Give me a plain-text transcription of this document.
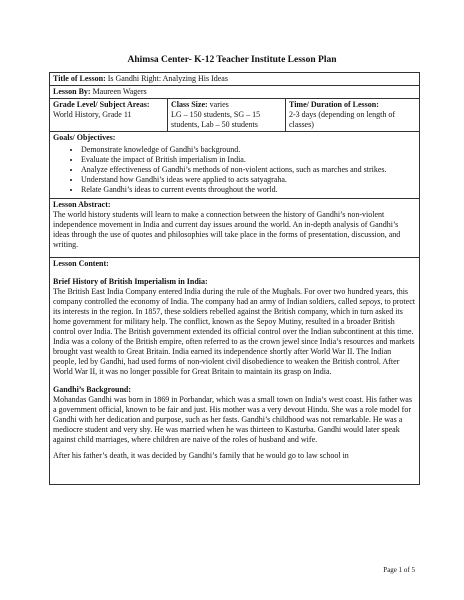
Ahimsa Center- K-12 Teacher Institute Lesson Plan
Title of Lesson: Is Gandhi Right: Analyzing His Ideas
Lesson By: Maureen Wagers

Grade Level/ Subject Areas:
World History, Grade 11

Class Size: varies
LG – 150 students, SG – 15 students, Lab – 50 students

Time/ Duration of Lesson:
2-3 days (depending on length of classes)

Goals/ Objectives:
• Demonstrate knowledge of Gandhi’s background.
• Evaluate the impact of British imperialism in India.
• Analyze effectiveness of Gandhi’s methods of non-violent actions, such as marches and strikes.
• Understand how Gandhi’s ideas were applied to acts satyagraha.
• Relate Gandhi’s ideas to current events throughout the world.

Lesson Abstract:

The world history students will learn to make a connection between the history of Gandhi’s non-violent independence movement in India and current day issues around the world. An in-depth analysis of Gandhi’s ideas through the use of quotes and philosophies will take place in the forms of presentation, discussion, and writing.

Lesson Content:
Brief History of British Imperialism in India:

The British East India Company entered India during the rule of the Mughals. For over two hundred years, this company controlled the economy of India. The company had an army of Indian soldiers, called sepoys, to protect its interests in the region. In 1857, these soldiers rebelled against the British company, which in turn asked its home government for military help. The conflict, known as the Sepoy Mutiny, resulted in a broader British control over India. The British government extended its official control over the Indian subcontinent at this time. India was a colony of the British empire, often referred to as the crown jewel since India’s resources and markets brought vast wealth to Great Britain. India earned its independence shortly after World War II. The Indian people, led by Gandhi, had used forms of non-violent civil disobedience to weaken the British control. After World War II, it was no longer possible for Great Britain to maintain its grasp on India.

Gandhi’s Background:

Mohandas Gandhi was born in 1869 in Porbandar, which was a small town on India’s west coast. His father was a government official, known to be fair and just. His mother was a very devout Hindu. She was a role model for Gandhi with her dedication and purpose, such as her fasts. Gandhi’s childhood was not remarkable. He was a mediocre student and very shy. He was married when he was thirteen to Kasturba. Gandhi would later speak against child marriages, where children are naive of the roles of husband and wife.

After his father’s death, it was decided by Gandhi’s family that he would go to law school in

Page 1 of 5
